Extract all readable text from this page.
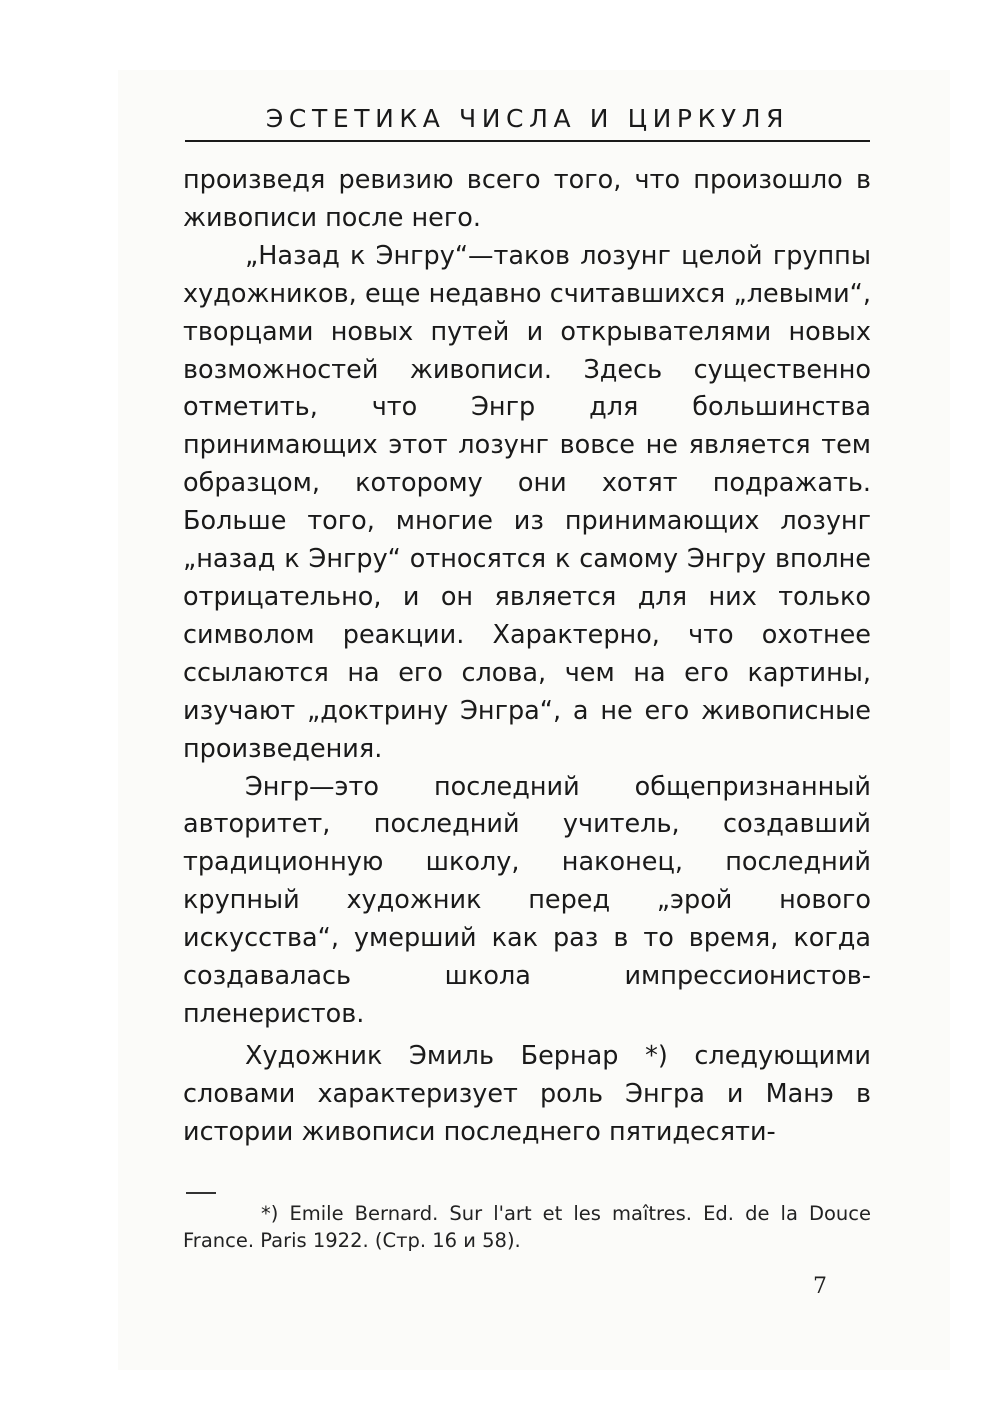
ЭСТЕТИКА ЧИСЛА И ЦИРКУЛЯ

произведя ревизию всего того, что произошло в живописи после него.

„Назад к Энгру“—таков лозунг целой группы художников, еще недавно считавшихся „левыми“, творцами новых путей и открывателями новых возможностей живописи. Здесь существенно отметить, что Энгр для большинства принимающих этот лозунг вовсе не является тем образцом, которому они хотят подражать. Больше того, многие из принимающих лозунг „назад к Энгру“ относятся к самому Энгру вполне отрицательно, и он является для них только символом реакции. Характерно, что охотнее ссылаются на его слова, чем на его картины, изучают „доктрину Энгра“, а не его живописные произведения.

Энгр—это последний общепризнанный авторитет, последний учитель, создавший традиционную школу, наконец, последний крупный художник перед „эрой нового искусства“, умерший как раз в то время, когда создавалась школа импрессионистов-пленеристов.

Художник Эмиль Бернар *) следующими словами характеризует роль Энгра и Манэ в истории живописи последнего пятидесяти-

*) Emile Bernard. Sur l'art et les maîtres. Ed. de la Douce France. Paris 1922. (Стр. 16 и 58).
7
